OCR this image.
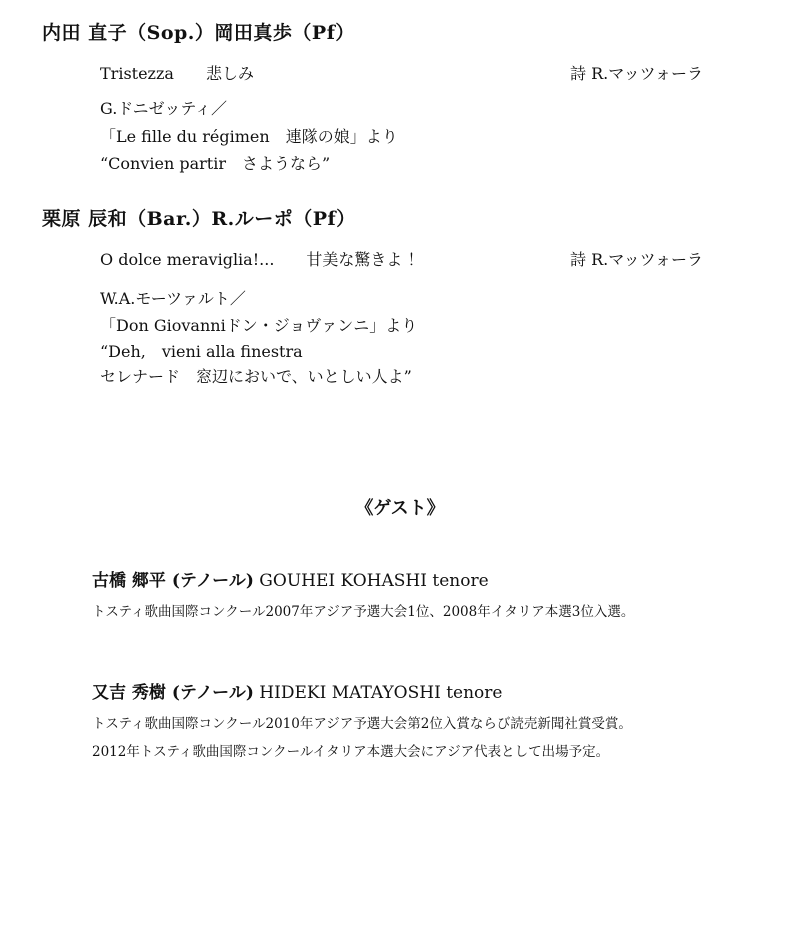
内田 直子（Sop.）岡田真歩（Pf）
Tristezza　　悲しみ	詩 R.マッツォーラ
G.ドニゼッティ／
「Le fille du régimen　連隊の娘」より
“Convien partir　さようなら”
栗原 辰和（Bar.）R.ルーポ（Pf）
O dolce meraviglia!...　　甘美な驚きよ ！	詩 R.マッツォーラ
W.A.モーツァルト／
「Don Giovanniドン・ジョヴァンニ」より
“Deh,　vieni alla finestra
セレナード　窓辺においで、いとしい人よ”
《ゲスト》
古橋 郷平 (テノール) GOUHEI KOHASHI tenore
トスティ歌曲国際コンクール2007年アジア予選大会1位、2008年イタリア本選3位入選。
又吉 秀樹 (テノール) HIDEKI MATAYOSHI tenore
トスティ歌曲国際コンクール2010年アジア予選大会第2位入賞ならび読売新聞社賞受賞。
2012年トスティ歌曲国際コンクールイタリア本選大会にアジア代表として出場予定。
